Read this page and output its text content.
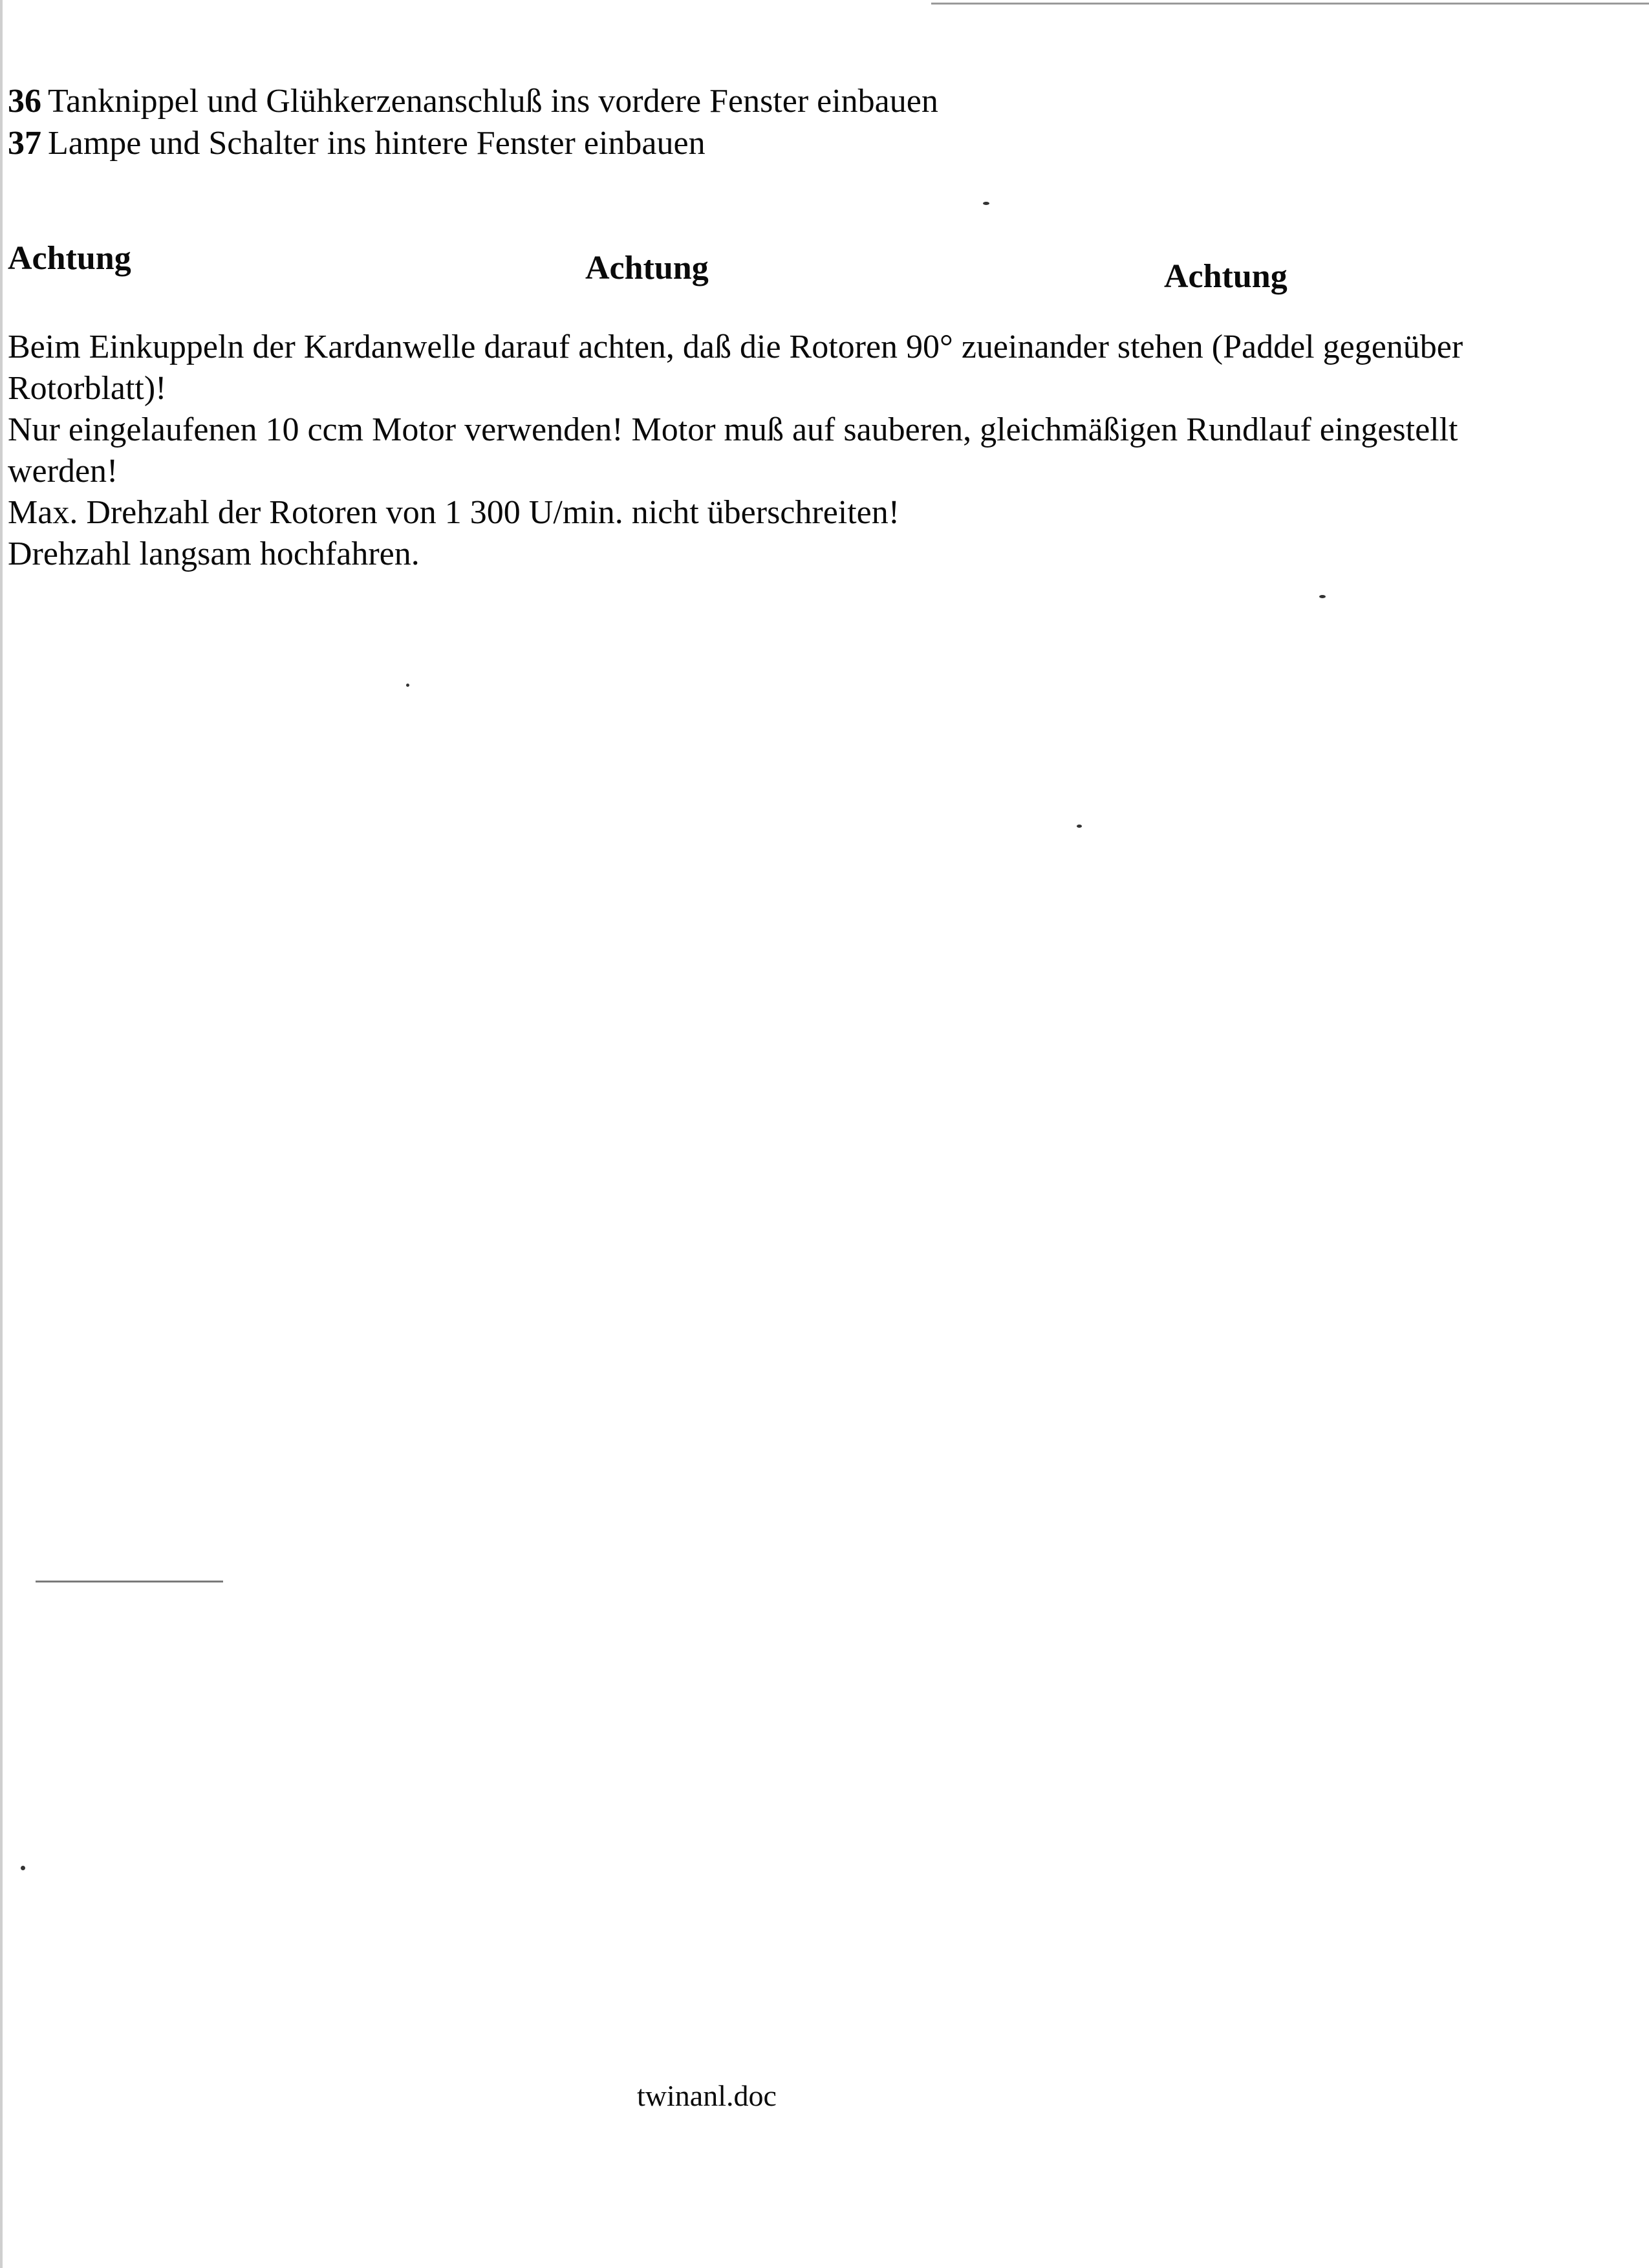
36 Tanknippel und Glühkerzenanschluß ins vordere Fenster einbauen
37 Lampe und Schalter ins hintere Fenster einbauen
Achtung	Achtung	Achtung

Beim Einkuppeln der Kardanwelle darauf achten, daß die Rotoren 90° zueinander stehen (Paddel gegenüber Rotorblatt)!

Nur eingelaufenen 10 ccm Motor verwenden! Motor muß auf sauberen, gleichmäßigen Rundlauf eingestellt werden!

Max. Drehzahl der Rotoren von 1 300 U/min. nicht überschreiten!

Drehzahl langsam hochfahren.

twinanl.doc
